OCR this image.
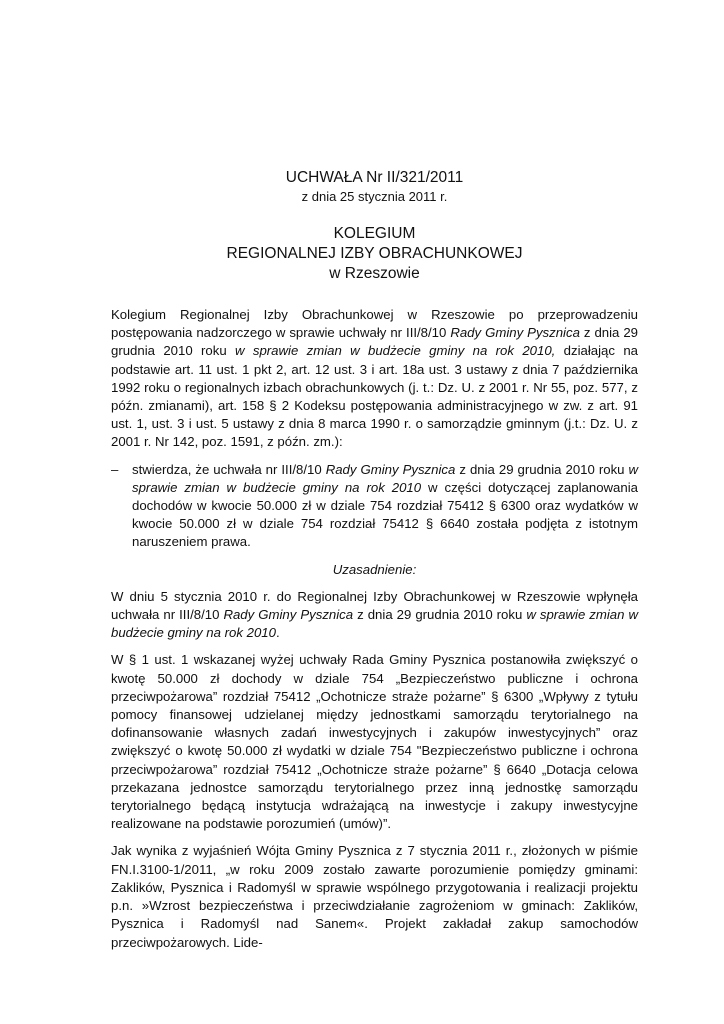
UCHWAŁA Nr II/321/2011

z dnia 25 stycznia 2011 r.

KOLEGIUM

REGIONALNEJ IZBY OBRACHUNKOWEJ

w Rzeszowie

Kolegium Regionalnej Izby Obrachunkowej w Rzeszowie po przeprowadzeniu postępowania nadzorczego w sprawie uchwały nr III/8/10 Rady Gminy Pysznica z dnia 29 grudnia 2010 roku w sprawie zmian w budżecie gminy na rok 2010, działając na podstawie art. 11 ust. 1 pkt 2, art. 12 ust. 3 i art. 18a ust. 3 ustawy z dnia 7 października 1992 roku o regionalnych izbach obrachunkowych (j. t.: Dz. U. z 2001 r. Nr 55, poz. 577, z późn. zmianami), art. 158 § 2 Kodeksu postępowania administracyjnego w zw. z art. 91 ust. 1, ust. 3 i ust. 5 ustawy z dnia 8 marca 1990 r. o samorządzie gminnym (j.t.: Dz. U. z 2001 r. Nr 142, poz. 1591, z późn. zm.):

– stwierdza, że uchwała nr III/8/10 Rady Gminy Pysznica z dnia 29 grudnia 2010 roku w sprawie zmian w budżecie gminy na rok 2010 w części dotyczącej zaplanowania dochodów w kwocie 50.000 zł w dziale 754 rozdział 75412 § 6300 oraz wydatków w kwocie 50.000 zł w dziale 754 rozdział 75412 § 6640 została podjęta z istotnym naruszeniem prawa.

Uzasadnienie:

W dniu 5 stycznia 2010 r. do Regionalnej Izby Obrachunkowej w Rzeszowie wpłynęła uchwała nr III/8/10 Rady Gminy Pysznica z dnia 29 grudnia 2010 roku w sprawie zmian w budżecie gminy na rok 2010.

W § 1 ust. 1 wskazanej wyżej uchwały Rada Gminy Pysznica postanowiła zwiększyć o kwotę 50.000 zł dochody w dziale 754 „Bezpieczeństwo publiczne i ochrona przeciwpożarowa” rozdział 75412 „Ochotnicze straże pożarne” § 6300 „Wpływy z tytułu pomocy finansowej udzielanej między jednostkami samorządu terytorialnego na dofinansowanie własnych zadań inwestycyjnych i zakupów inwestycyjnych” oraz zwiększyć o kwotę 50.000 zł wydatki w dziale 754 "Bezpieczeństwo publiczne i ochrona przeciwpożarowa” rozdział 75412 „Ochotnicze straże pożarne” § 6640 „Dotacja celowa przekazana jednostce samorządu terytorialnego przez inną jednostkę samorządu terytorialnego będącą instytucja wdrażającą na inwestycje i zakupy inwestycyjne realizowane na podstawie porozumień (umów)”.

Jak wynika z wyjaśnień Wójta Gminy Pysznica z 7 stycznia 2011 r., złożonych w piśmie FN.I.3100-1/2011, „w roku 2009 zostało zawarte porozumienie pomiędzy gminami: Zaklików, Pysznica i Radomyśl w sprawie wspólnego przygotowania i realizacji projektu p.n. »Wzrost bezpieczeństwa i przeciwdziałanie zagrożeniom w gminach: Zaklików, Pysznica i Radomyśl nad Sanem«. Projekt zakładał zakup samochodów przeciwpożarowych. Lide-
